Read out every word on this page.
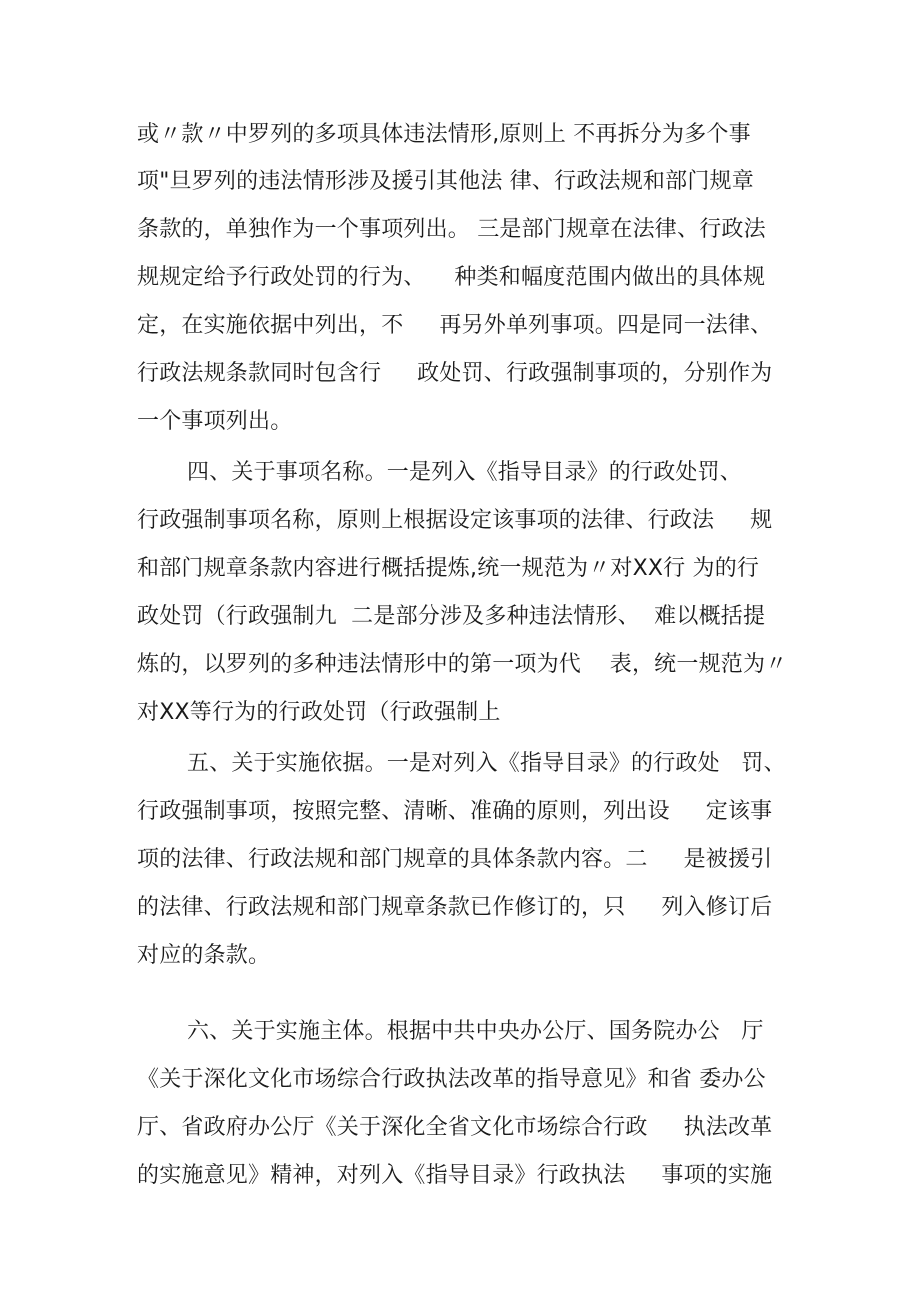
或〃款〃中罗列的多项具体违法情形,原则上 不再拆分为多个事
项"旦罗列的违法情形涉及援引其他法 律、行政法规和部门规章
条款的，单独作为一个事项列出。 三是部门规章在法律、行政法
规规定给予行政处罚的行为、    种类和幅度范围内做出的具体规
定，在实施依据中列出，不     再另外单列事项。四是同一法律、
行政法规条款同时包含行     政处罚、行政强制事项的，分别作为
一个事项列出。
四、关于事项名称。一是列入《指导目录》的行政处罚、
行政强制事项名称，原则上根据设定该事项的法律、行政法     规
和部门规章条款内容进行概括提炼,统一规范为〃对XX行 为的行
政处罚（行政强制九  二是部分涉及多种违法情形、  难以概括提
炼的，以罗列的多种违法情形中的第一项为代    表，统一规范为〃
对XX等行为的行政处罚（行政强制上
五、关于实施依据。一是对列入《指导目录》的行政处   罚、
行政强制事项，按照完整、清晰、准确的原则，列出设     定该事
项的法律、行政法规和部门规章的具体条款内容。二     是被援引
的法律、行政法规和部门规章条款已作修订的，只     列入修订后
对应的条款。
六、关于实施主体。根据中共中央办公厅、国务院办公   厅
《关于深化文化市场综合行政执法改革的指导意见》和省 委办公
厅、省政府办公厅《关于深化全省文化市场综合行政     执法改革
的实施意见》精神，对列入《指导目录》行政执法     事项的实施
